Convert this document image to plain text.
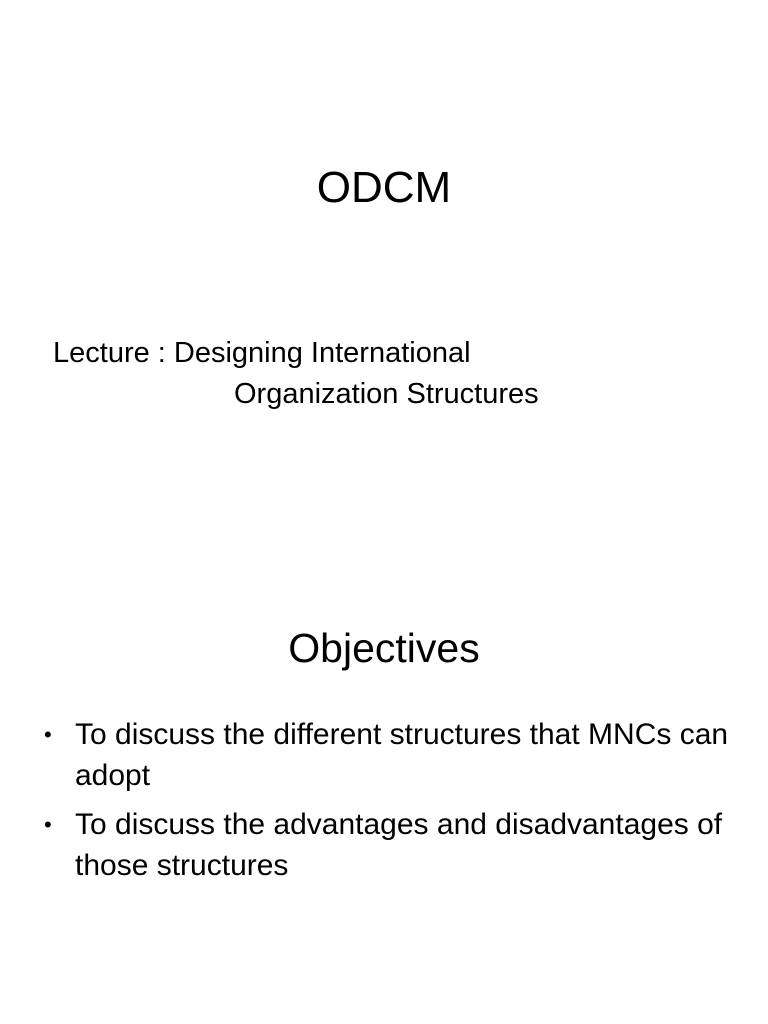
ODCM
Lecture : Designing International
Organization Structures
Objectives
• To discuss the different structures that MNCs can adopt
• To discuss the advantages and disadvantages of those structures
